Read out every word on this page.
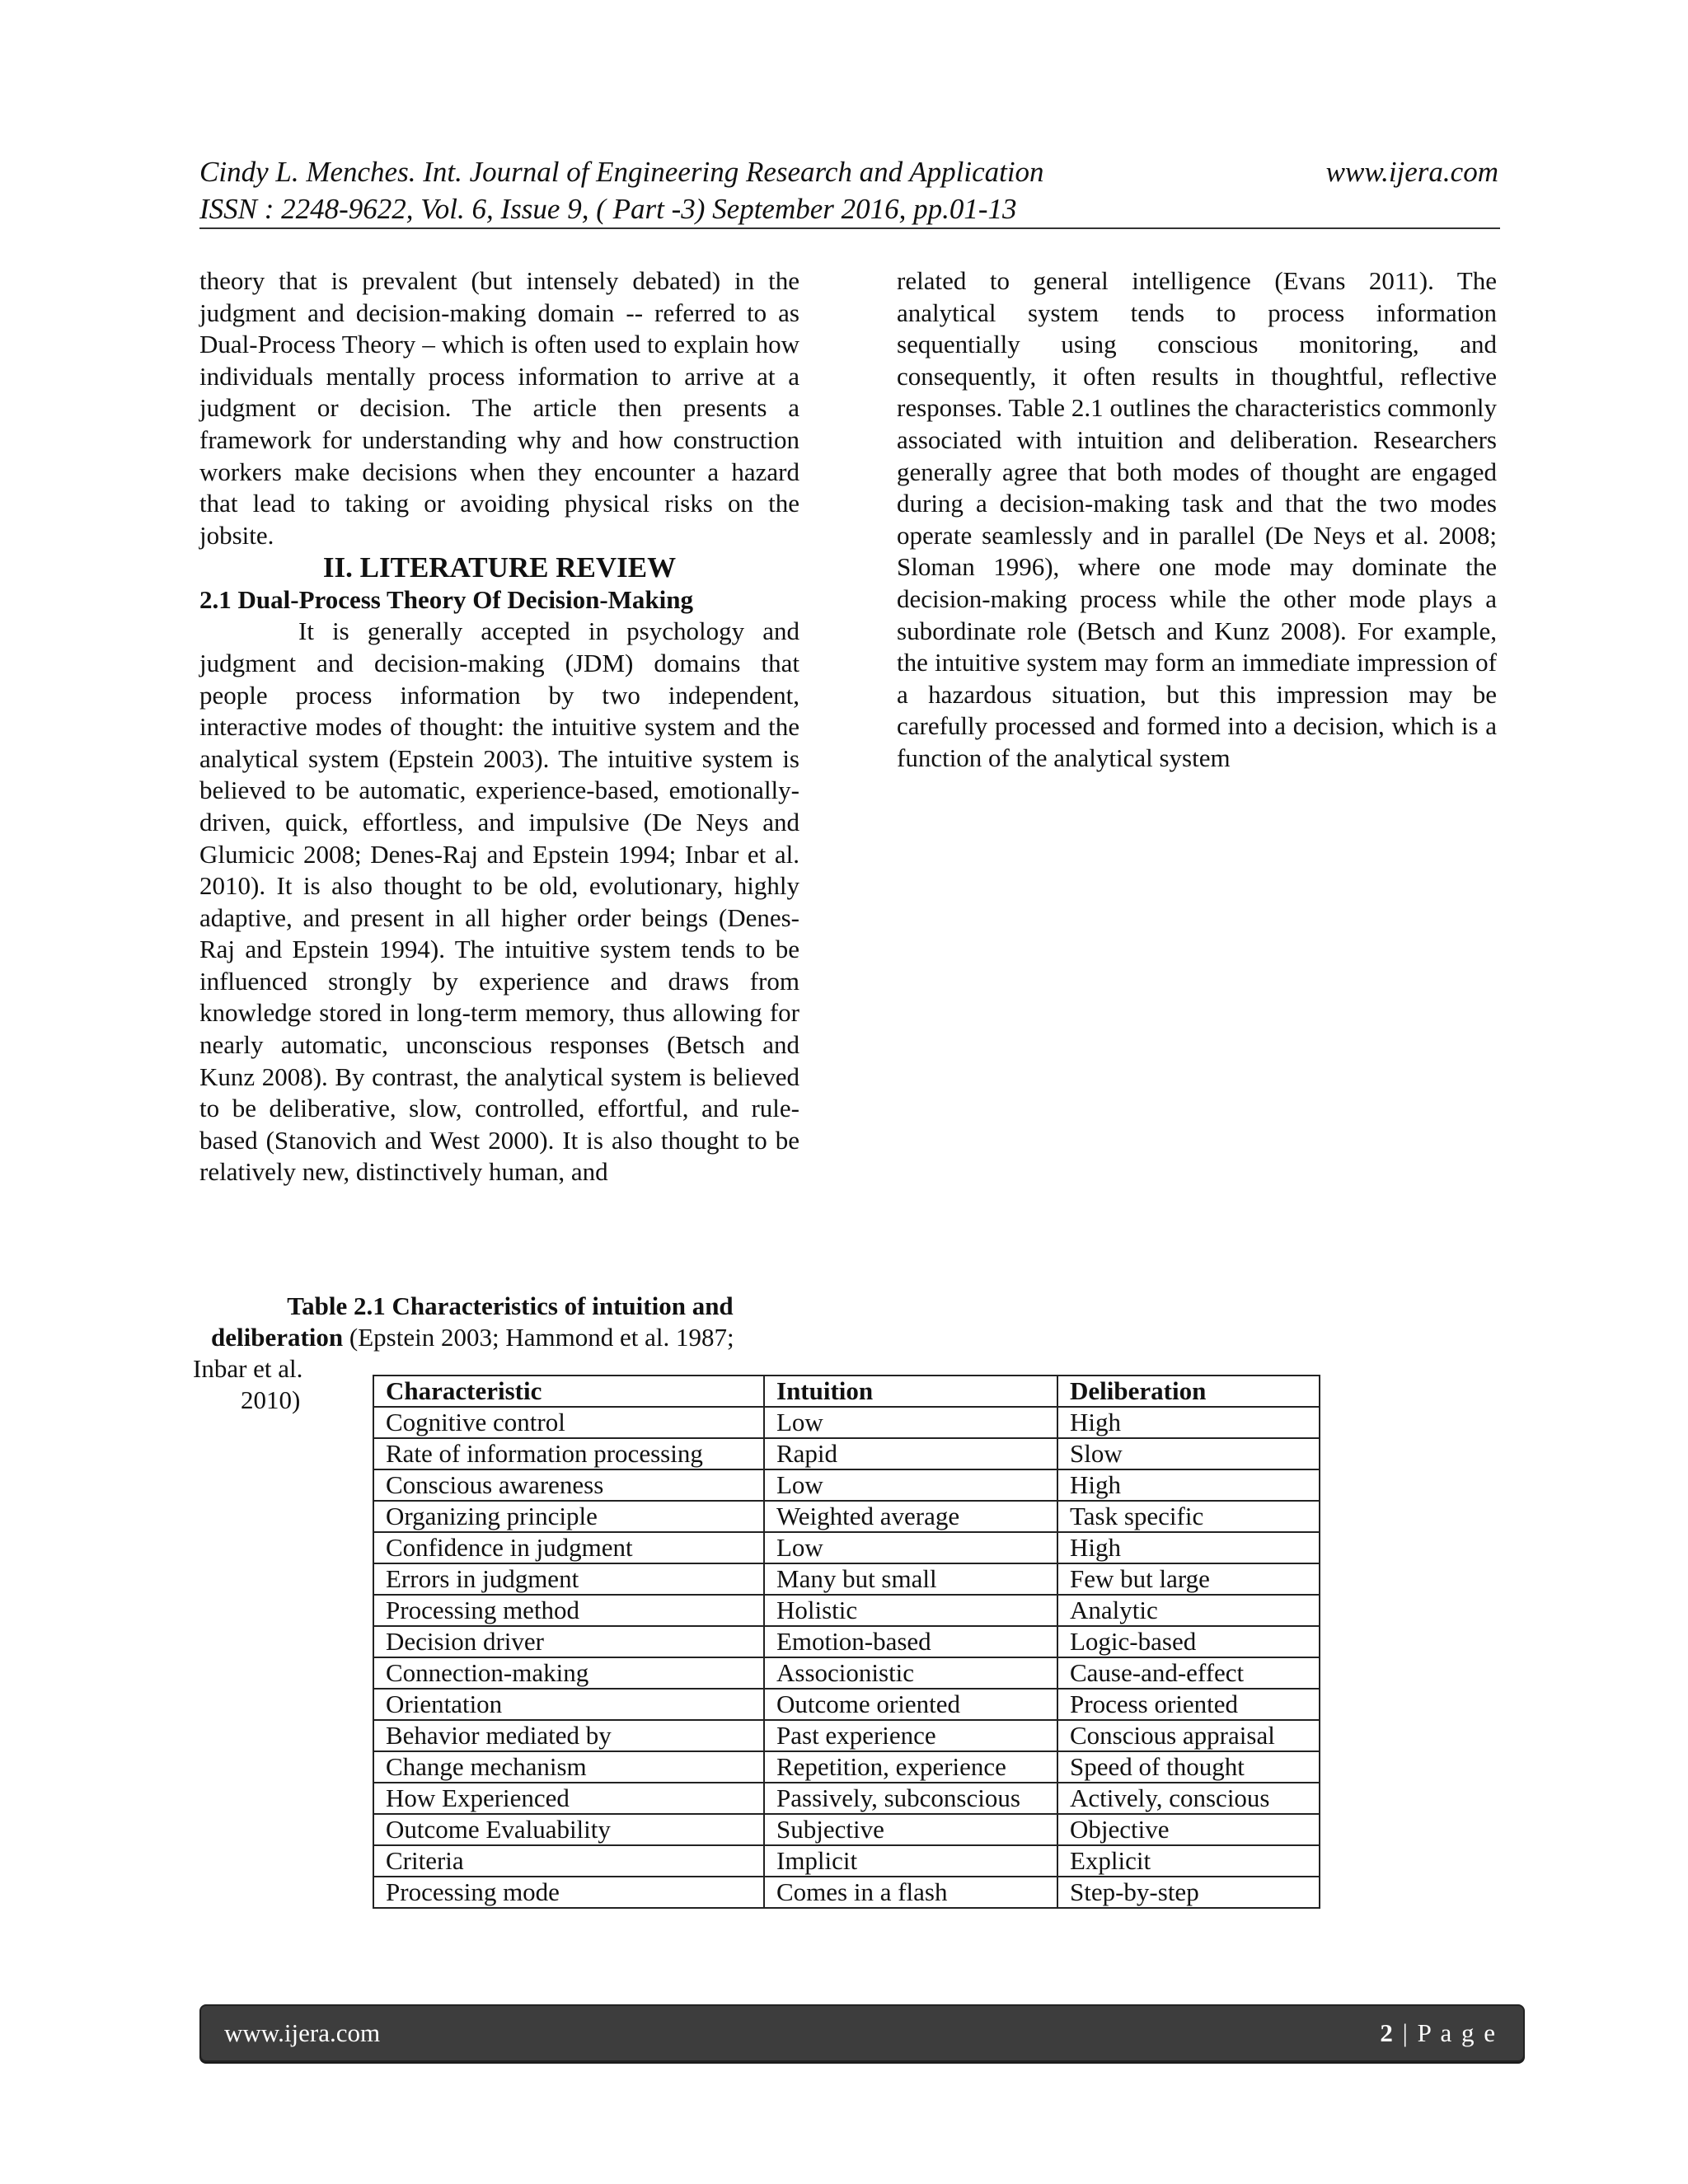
Cindy L. Menches. Int. Journal of Engineering Research and Application	www.ijera.com
ISSN : 2248-9622, Vol. 6, Issue 9, ( Part -3) September 2016, pp.01-13

theory that is prevalent (but intensely debated) in the judgment and decision-making domain -- referred to as Dual-Process Theory – which is often used to explain how individuals mentally process information to arrive at a judgment or decision. The article then presents a framework for understanding why and how construction workers make decisions when they encounter a hazard that lead to taking or avoiding physical risks on the jobsite.

II. LITERATURE REVIEW

2.1 Dual-Process Theory Of Decision-Making

It is generally accepted in psychology and judgment and decision-making (JDM) domains that people process information by two independent, interactive modes of thought: the intuitive system and the analytical system (Epstein 2003). The intuitive system is believed to be automatic, experience-based, emotionally-driven, quick, effortless, and impulsive (De Neys and Glumicic 2008; Denes-Raj and Epstein 1994; Inbar et al. 2010). It is also thought to be old, evolutionary, highly adaptive, and present in all higher order beings (Denes-Raj and Epstein 1994). The intuitive system tends to be influenced strongly by experience and draws from knowledge stored in long-term memory, thus allowing for nearly automatic, unconscious responses (Betsch and Kunz 2008). By contrast, the analytical system is believed to be deliberative, slow, controlled, effortful, and rule-based (Stanovich and West 2000). It is also thought to be relatively new, distinctively human, and

related to general intelligence (Evans 2011). The analytical system tends to process information sequentially using conscious monitoring, and consequently, it often results in thoughtful, reflective responses. Table 2.1 outlines the characteristics commonly associated with intuition and deliberation. Researchers generally agree that both modes of thought are engaged during a decision-making task and that the two modes operate seamlessly and in parallel (De Neys et al. 2008; Sloman 1996), where one mode may dominate the decision-making process while the other mode plays a subordinate role (Betsch and Kunz 2008). For example, the intuitive system may form an immediate impression of a hazardous situation, but this impression may be carefully processed and formed into a decision, which is a function of the analytical system

Table 2.1 Characteristics of intuition and
deliberation (Epstein 2003; Hammond et al. 1987;
Inbar et al.
2010)	Characteristic	Intuition	Deliberation
Cognitive control	Low	High
Rate of information processing	Rapid	Slow
Conscious awareness	Low	High
Organizing principle	Weighted average	Task specific
Confidence in judgment	Low	High
Errors in judgment	Many but small	Few but large
Processing method	Holistic	Analytic
Decision driver	Emotion-based	Logic-based
Connection-making	Associonistic	Cause-and-effect
Orientation	Outcome oriented	Process oriented
Behavior mediated by	Past experience	Conscious appraisal
Change mechanism	Repetition, experience	Speed of thought
How Experienced	Passively, subconscious	Actively, conscious
Outcome Evaluability	Subjective	Objective
Criteria	Implicit	Explicit
Processing mode	Comes in a flash	Step-by-step
www.ijera.com	2 | P a g e
